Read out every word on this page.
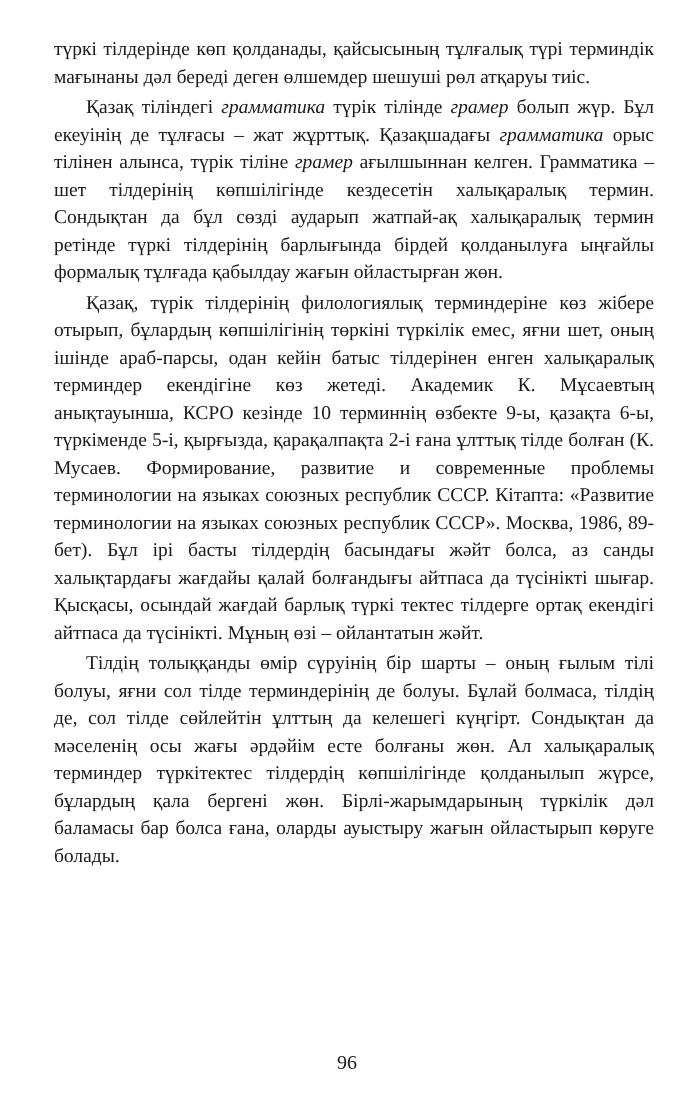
түркі тілдерінде көп қолданады, қайсысының тұлғалық түрі терминдік мағынаны дәл береді деген өлшемдер шешуші рөл атқаруы тиіс.

Қазақ тіліндегі грамматика түрік тілінде грамер болып жүр. Бұл екеуінің де тұлғасы – жат жұрттық. Қазақшадағы грамматика орыс тілінен алынса, түрік тіліне грамер ағылшыннан келген. Грамматика – шет тілдерінің көпшілігінде кездесетін халықаралық термин. Сондықтан да бұл сөзді аударып жатпай-ақ халықаралық термин ретінде түркі тілдерінің барлығында бірдей қолданылуға ыңғайлы формалық тұлғада қабылдау жағын ойластырған жөн.

Қазақ, түрік тілдерінің филологиялық терминдеріне көз жібере отырып, бұлардың көпшілігінің төркіні түркілік емес, яғни шет, оның ішінде араб-парсы, одан кейін батыс тілдерінен енген халықаралық терминдер екендігіне көз жетеді. Академик К. Мұсаевтың анықтауынша, КСРО кезінде 10 терминнің өзбекте 9-ы, қазақта 6-ы, түркіменде 5-і, қырғызда, қарақалпақта 2-і ғана ұлттық тілде болған (К. Мусаев. Формирование, развитие и современные проблемы терминологии на языках союзных республик СССР. Кітапта: «Развитие терминологии на языках союзных республик СССР». Москва, 1986, 89-бет). Бұл ірі басты тілдердің басындағы жәйт болса, аз санды халықтардағы жағдайы қалай болғандығы айтпаса да түсінікті шығар. Қысқасы, осындай жағдай барлық түркі тектес тілдерге ортақ екендігі айтпаса да түсінікті. Мұның өзі – ойлантатын жәйт.

Тілдің толыққанды өмір сүруінің бір шарты – оның ғылым тілі болуы, яғни сол тілде терминдерінің де болуы. Бұлай болмаса, тілдің де, сол тілде сөйлейтін ұлттың да келешегі күңгірт. Сондықтан да мәселенің осы жағы әрдәйім есте болғаны жөн. Ал халықаралық терминдер түркітектес тілдердің көпшілігінде қолданылып жүрсе, бұлардың қала бергені жөн. Бірлі-жарымдарының түркілік дәл баламасы бар болса ғана, оларды ауыстыру жағын ойластырып көруге болады.

96
